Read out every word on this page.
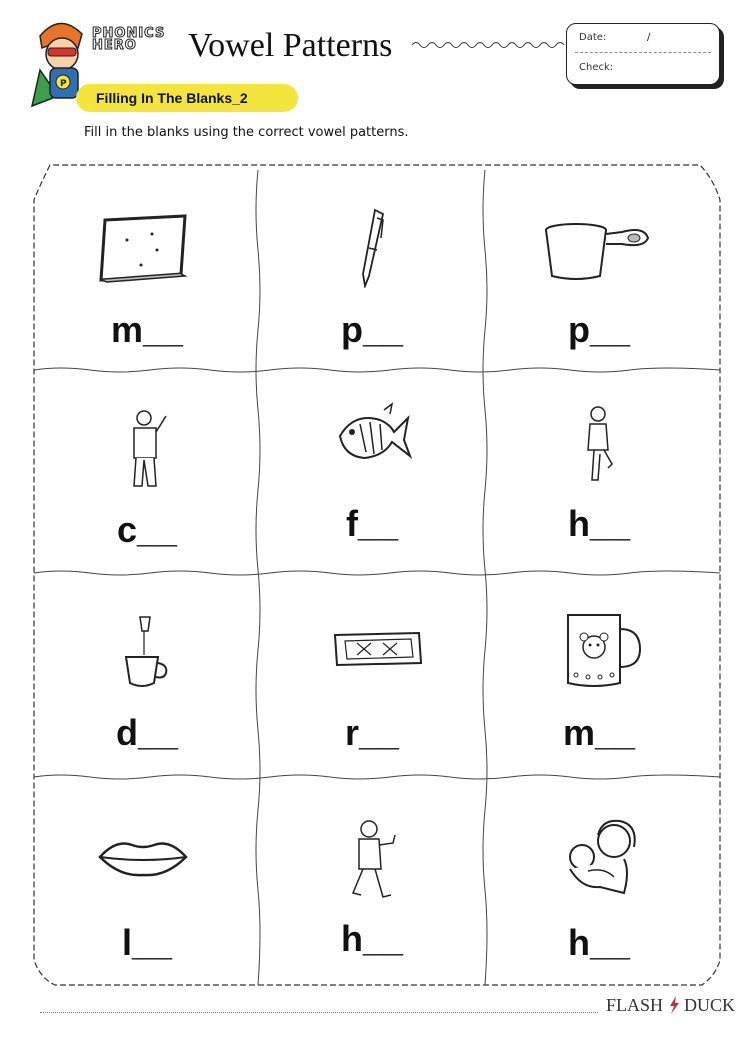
P
PHONICS
HERO	Vowel Patterns	Date:	/
Check:
Filling In The Blanks_2
Fill in the blanks using the correct vowel patterns.
m__	p__	p__
c__	f__	h__
d__	r__	m__
l__	h__	h__
FLASH DUCK
